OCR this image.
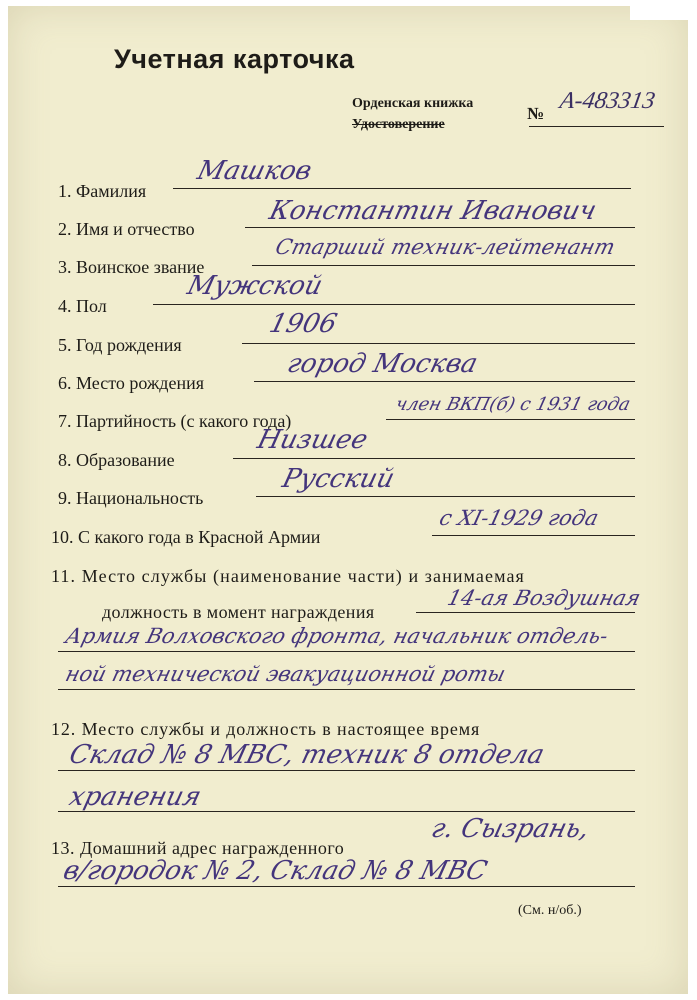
Учетная карточка
Орденская книжка
Удостоверение
№ А-483313
1. Фамилия
Машков
2. Имя и отчество
Константин Иванович
3. Воинское звание
Старший техник-лейтенант
4. Пол
Мужской
5. Год рождения
1906
6. Место рождения
город Москва
7. Партийность (с какого года)
член ВКП(б) с 1931 года
8. Образование
Низшее
9. Национальность
Русский
10. С какого года в Красной Армии
с XI-1929 года
11. Место службы (наименование части) и занимаемая
должность в момент награждения
14-ая Воздушная
Армия Волховского фронта, начальник отдель-
ной технической эвакуационной роты
12. Место службы и должность в настоящее время
Склад № 8 МВС, техник 8 отдела
хранения
13. Домашний адрес награжденного
г. Сызрань,
в/городок № 2, Склад № 8 МВС
(См. н/об.)
